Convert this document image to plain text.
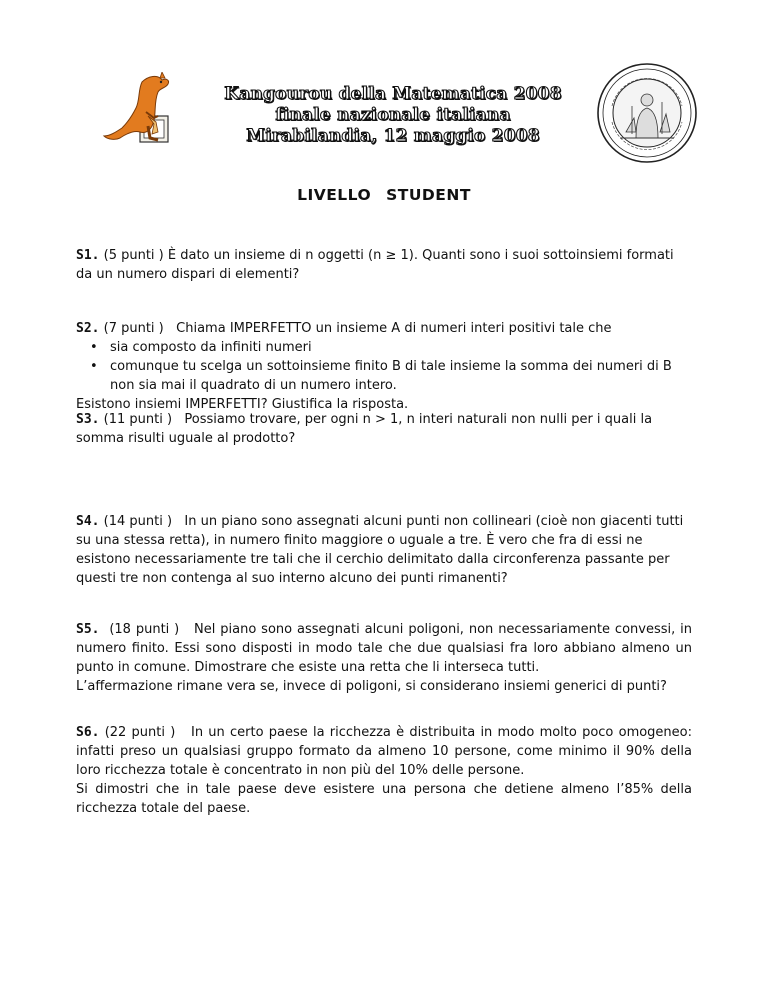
Kangourou della Matematica 2008
finale nazionale italiana
Mirabilandia, 12 maggio 2008
LIVELLO STUDENT

S1. (5 punti ) È dato un insieme di n oggetti (n ≥ 1). Quanti sono i suoi sottoinsiemi formati da un numero dispari di elementi?

S2. (7 punti ) Chiama IMPERFETTO un insieme A di numeri interi positivi tale che

• sia composto da infiniti numeri
• comunque tu scelga un sottoinsieme finito B di tale insieme la somma dei numeri di B non sia mai il quadrato di un numero intero.

Esistono insiemi IMPERFETTI? Giustifica la risposta.

S3. (11 punti ) Possiamo trovare, per ogni n > 1, n interi naturali non nulli per i quali la somma risulti uguale al prodotto?

S4. (14 punti ) In un piano sono assegnati alcuni punti non collineari (cioè non giacenti tutti su una stessa retta), in numero finito maggiore o uguale a tre. È vero che fra di essi ne esistono necessariamente tre tali che il cerchio delimitato dalla circonferenza passante per questi tre non contenga al suo interno alcuno dei punti rimanenti?

S5. (18 punti ) Nel piano sono assegnati alcuni poligoni, non necessariamente convessi, in numero finito. Essi sono disposti in modo tale che due qualsiasi fra loro abbiano almeno un punto in comune. Dimostrare che esiste una retta che li interseca tutti.

L’affermazione rimane vera se, invece di poligoni, si considerano insiemi generici di punti?

S6. (22 punti ) In un certo paese la ricchezza è distribuita in modo molto poco omogeneo: infatti preso un qualsiasi gruppo formato da almeno 10 persone, come minimo il 90% della loro ricchezza totale è concentrato in non più del 10% delle persone.

Si dimostri che in tale paese deve esistere una persona che detiene almeno l’85% della ricchezza totale del paese.
